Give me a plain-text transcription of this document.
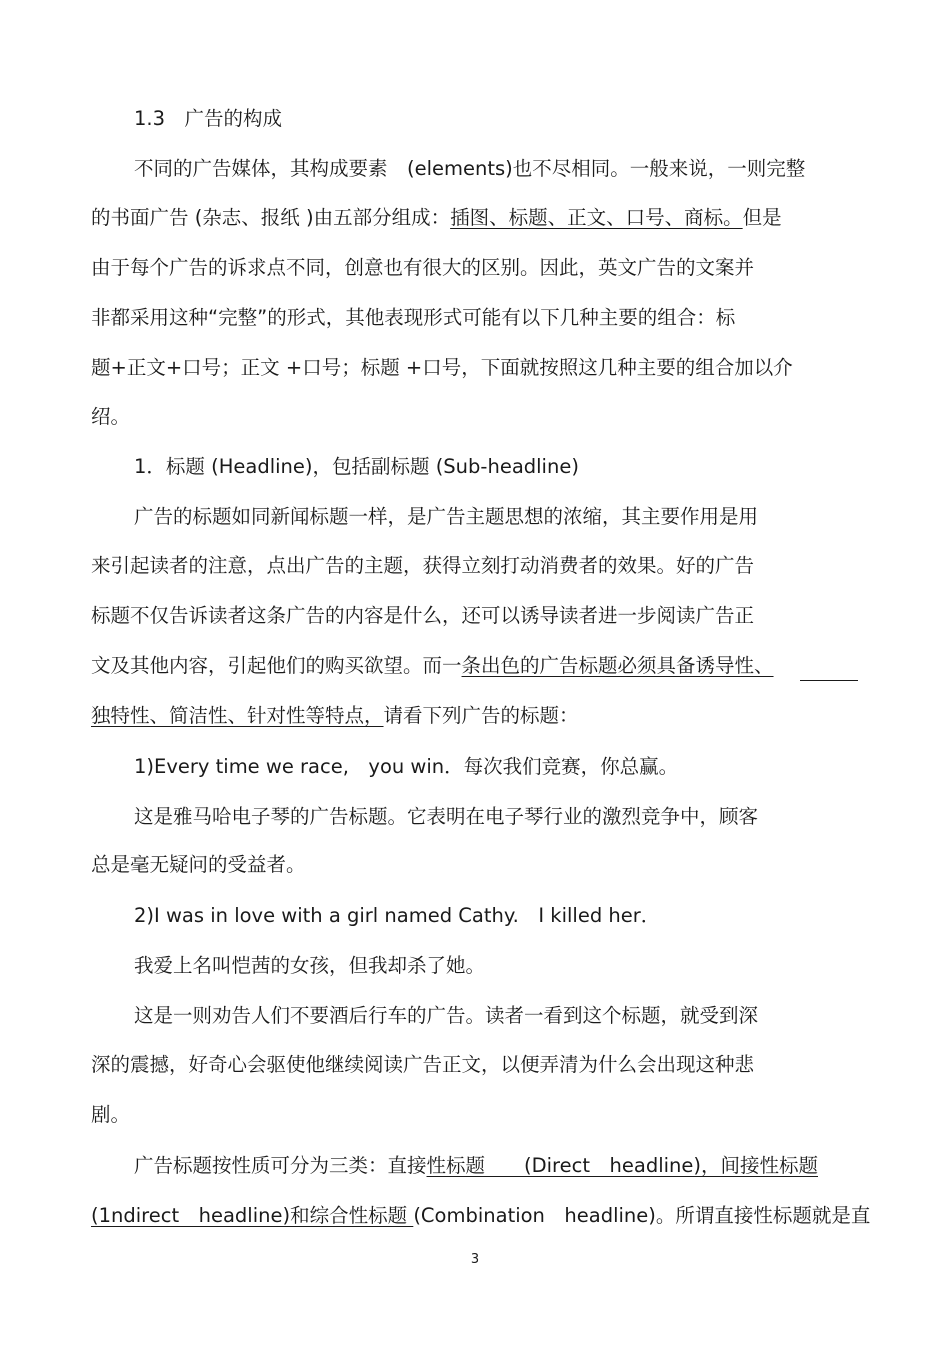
1.3　广告的构成
不同的广告媒体，其构成要素　(elements)也不尽相同。一般来说，一则完整
的书面广告 (杂志、报纸 )由五部分组成：插图、标题、正文、口号、商标。但是
由于每个广告的诉求点不同，创意也有很大的区别。因此，英文广告的文案并
非都采用这种“完整”的形式，其他表现形式可能有以下几种主要的组合：标
题+正文+口号；正文 +口号；标题 +口号，下面就按照这几种主要的组合加以介
绍。
1．标题 (Headline)，包括副标题 (Sub-headline)
广告的标题如同新闻标题一样，是广告主题思想的浓缩，其主要作用是用
来引起读者的注意，点出广告的主题，获得立刻打动消费者的效果。好的广告
标题不仅告诉读者这条广告的内容是什么，还可以诱导读者进一步阅读广告正
文及其他内容，引起他们的购买欲望。而一条出色的广告标题必须具备诱导性、
独特性、简洁性、针对性等特点，请看下列广告的标题：
1)Every time we race,　you win．每次我们竞赛，你总赢。
这是雅马哈电子琴的广告标题。它表明在电子琴行业的激烈竞争中，顾客
总是毫无疑问的受益者。
2)I was in love with a girl named Cathy.　I killed her．
我爱上名叫恺茜的女孩，但我却杀了她。
这是一则劝告人们不要酒后行车的广告。读者一看到这个标题，就受到深
深的震撼，好奇心会驱使他继续阅读广告正文，以便弄清为什么会出现这种悲
剧。
广告标题按性质可分为三类：直接性标题　　(Direct　headline)，间接性标题
(1ndirect　headline)和综合性标题 (Combination　headline)。所谓直接性标题就是直
3
